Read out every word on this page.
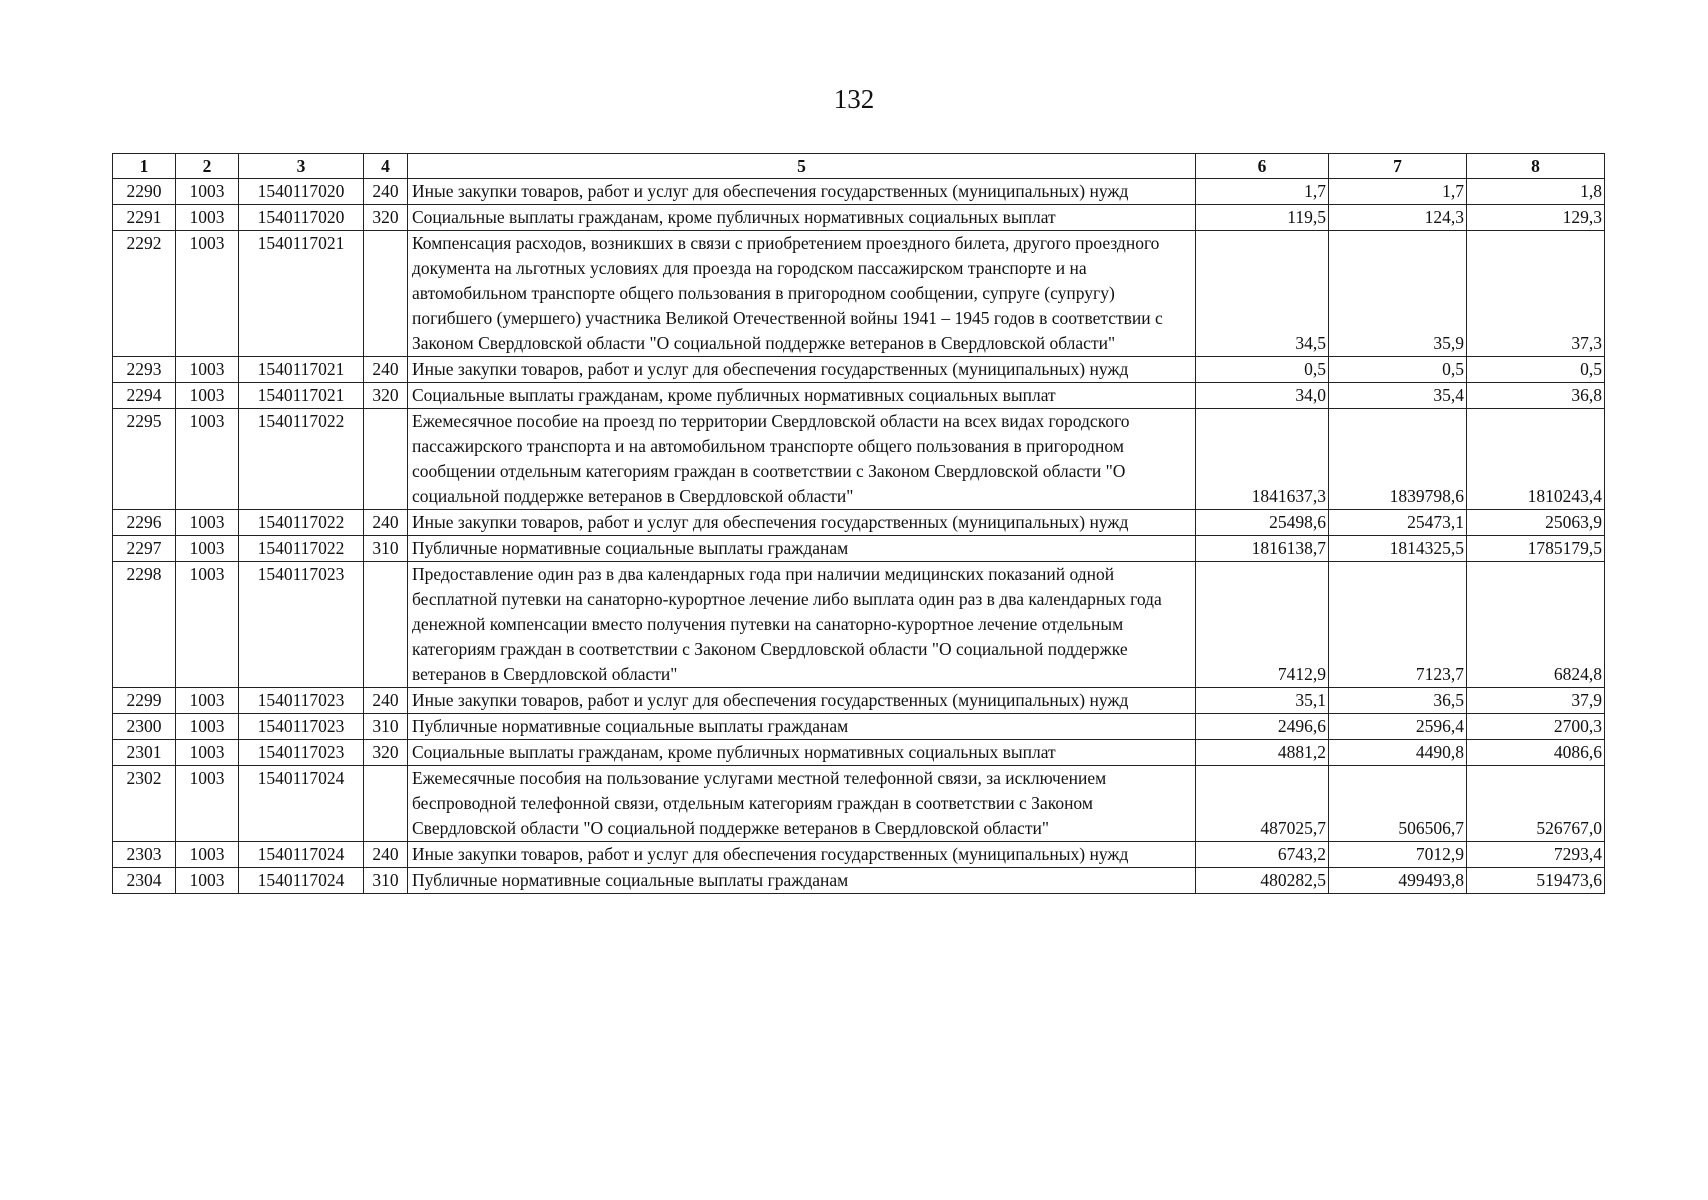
132
1	2	3	4	5	6	7	8
2290	1003	1540117020	240	Иные закупки товаров, работ и услуг для обеспечения государственных (муниципальных) нужд	1,7	1,7	1,8
2291	1003	1540117020	320	Социальные выплаты гражданам, кроме публичных нормативных социальных выплат	119,5	124,3	129,3
2292	1003	1540117021		Компенсация расходов, возникших в связи с приобретением проездного билета, другого проездного документа на льготных условиях для проезда на городском пассажирском транспорте и на автомобильном транспорте общего пользования в пригородном сообщении, супруге (супругу) погибшего (умершего) участника Великой Отечественной войны 1941 – 1945 годов в соответствии с Законом Свердловской области "О социальной поддержке ветеранов в Свердловской области"	34,5	35,9	37,3
2293	1003	1540117021	240	Иные закупки товаров, работ и услуг для обеспечения государственных (муниципальных) нужд	0,5	0,5	0,5
2294	1003	1540117021	320	Социальные выплаты гражданам, кроме публичных нормативных социальных выплат	34,0	35,4	36,8
2295	1003	1540117022		Ежемесячное пособие на проезд по территории Свердловской области на всех видах городского пассажирского транспорта и на автомобильном транспорте общего пользования в пригородном сообщении отдельным категориям граждан в соответствии с Законом Свердловской области "О социальной поддержке ветеранов в Свердловской области"	1841637,3	1839798,6	1810243,4
2296	1003	1540117022	240	Иные закупки товаров, работ и услуг для обеспечения государственных (муниципальных) нужд	25498,6	25473,1	25063,9
2297	1003	1540117022	310	Публичные нормативные социальные выплаты гражданам	1816138,7	1814325,5	1785179,5
2298	1003	1540117023		Предоставление один раз в два календарных года при наличии медицинских показаний одной бесплатной путевки на санаторно-курортное лечение либо выплата один раз в два календарных года денежной компенсации вместо получения путевки на санаторно-курортное лечение отдельным категориям граждан в соответствии с Законом Свердловской области "О социальной поддержке ветеранов в Свердловской области"	7412,9	7123,7	6824,8
2299	1003	1540117023	240	Иные закупки товаров, работ и услуг для обеспечения государственных (муниципальных) нужд	35,1	36,5	37,9
2300	1003	1540117023	310	Публичные нормативные социальные выплаты гражданам	2496,6	2596,4	2700,3
2301	1003	1540117023	320	Социальные выплаты гражданам, кроме публичных нормативных социальных выплат	4881,2	4490,8	4086,6
2302	1003	1540117024		Ежемесячные пособия на пользование услугами местной телефонной связи, за исключением беспроводной телефонной связи, отдельным категориям граждан в соответствии с Законом Свердловской области "О социальной поддержке ветеранов в Свердловской области"	487025,7	506506,7	526767,0
2303	1003	1540117024	240	Иные закупки товаров, работ и услуг для обеспечения государственных (муниципальных) нужд	6743,2	7012,9	7293,4
2304	1003	1540117024	310	Публичные нормативные социальные выплаты гражданам	480282,5	499493,8	519473,6
